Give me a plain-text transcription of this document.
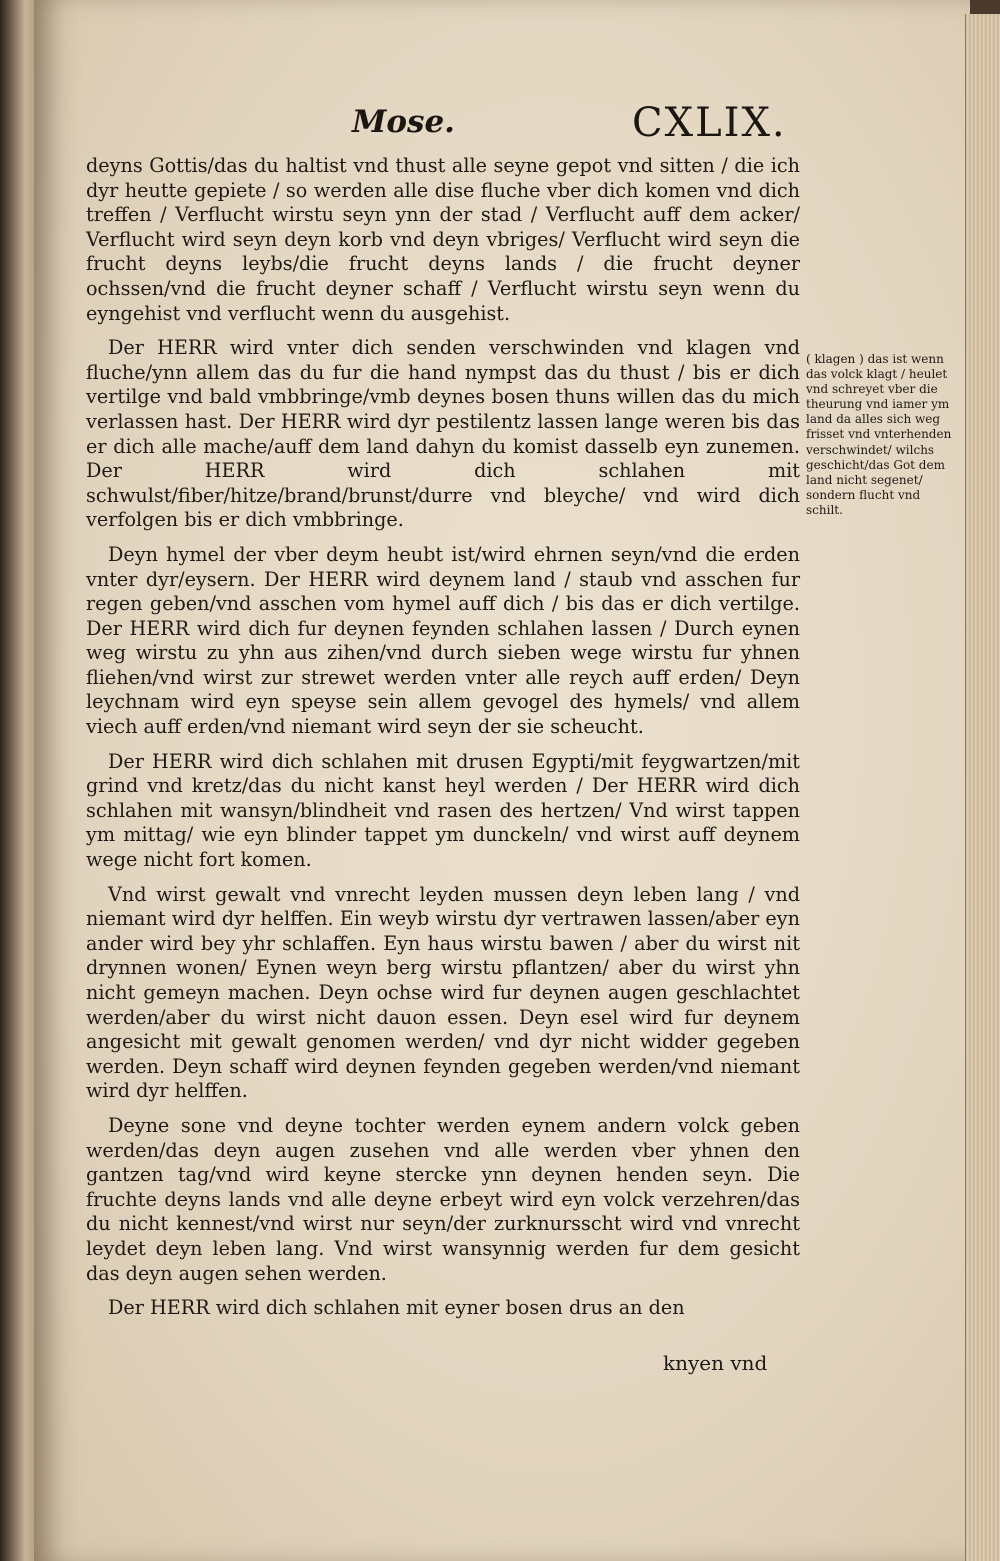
Mose.	CXLIX.

deyns Gottis/das du haltist vnd thust alle seyne gepot vnd sitten / die ich dyr heutte gepiete / so werden alle dise fluche vber dich komen vnd dich treffen / Verflucht wirstu seyn ynn der stad / Verflucht auff dem acker/ Verflucht wird seyn deyn korb vnd deyn vbriges/ Verflucht wird seyn die frucht deyns leybs/die frucht deyns lands / die frucht deyner ochssen/vnd die frucht deyner schaff / Verflucht wirstu seyn wenn du eyngehist vnd verflucht wenn du ausgehist.

Der HERR wird vnter dich senden verschwinden vnd klagen vnd fluche/ynn allem das du fur die hand nympst das du thust / bis er dich vertilge vnd bald vmbbringe/vmb deynes bosen thuns willen das du mich verlassen hast. Der HERR wird dyr pestilentz lassen lange weren bis das er dich alle mache/auff dem land dahyn du komist dasselb eyn zunemen. Der HERR wird dich schlahen mit schwulst/fiber/hitze/brand/brunst/durre vnd bleyche/ vnd wird dich verfolgen bis er dich vmbbringe.

Deyn hymel der vber deym heubt ist/wird ehrnen seyn/vnd die erden vnter dyr/eysern. Der HERR wird deynem land / staub vnd asschen fur regen geben/vnd asschen vom hymel auff dich / bis das er dich vertilge. Der HERR wird dich fur deynen feynden schlahen lassen / Durch eynen weg wirstu zu yhn aus zihen/vnd durch sieben wege wirstu fur yhnen fliehen/vnd wirst zur strewet werden vnter alle reych auff erden/ Deyn leychnam wird eyn speyse sein allem gevogel des hymels/ vnd allem viech auff erden/vnd niemant wird seyn der sie scheucht.

Der HERR wird dich schlahen mit drusen Egypti/mit feygwartzen/mit grind vnd kretz/das du nicht kanst heyl werden / Der HERR wird dich schlahen mit wansyn/blindheit vnd rasen des hertzen/ Vnd wirst tappen ym mittag/ wie eyn blinder tappet ym dunckeln/ vnd wirst auff deynem wege nicht fort komen.

Vnd wirst gewalt vnd vnrecht leyden mussen deyn leben lang / vnd niemant wird dyr helffen. Ein weyb wirstu dyr vertrawen lassen/aber eyn ander wird bey yhr schlaffen. Eyn haus wirstu bawen / aber du wirst nit drynnen wonen/ Eynen weyn berg wirstu pflantzen/ aber du wirst yhn nicht gemeyn machen. Deyn ochse wird fur deynen augen geschlachtet werden/aber du wirst nicht dauon essen. Deyn esel wird fur deynem angesicht mit gewalt genomen werden/ vnd dyr nicht widder gegeben werden. Deyn schaff wird deynen feynden gegeben werden/vnd niemant wird dyr helffen.

Deyne sone vnd deyne tochter werden eynem andern volck geben werden/das deyn augen zusehen vnd alle werden vber yhnen den gantzen tag/vnd wird keyne stercke ynn deynen henden seyn. Die fruchte deyns lands vnd alle deyne erbeyt wird eyn volck verzehren/das du nicht kennest/vnd wirst nur seyn/der zurknursscht wird vnd vnrecht leydet deyn leben lang. Vnd wirst wansynnig werden fur dem gesicht das deyn augen sehen werden.

Der HERR wird dich schlahen mit eyner bosen drus an den

knyen vnd
( klagen ) das ist wenn das volck klagt / heulet vnd schreyet vber die theurung vnd iamer ym land da alles sich weg frisset vnd vnterhenden verschwindet/ wilchs geschicht/das Got dem land nicht segenet/ sondern flucht vnd schilt.
